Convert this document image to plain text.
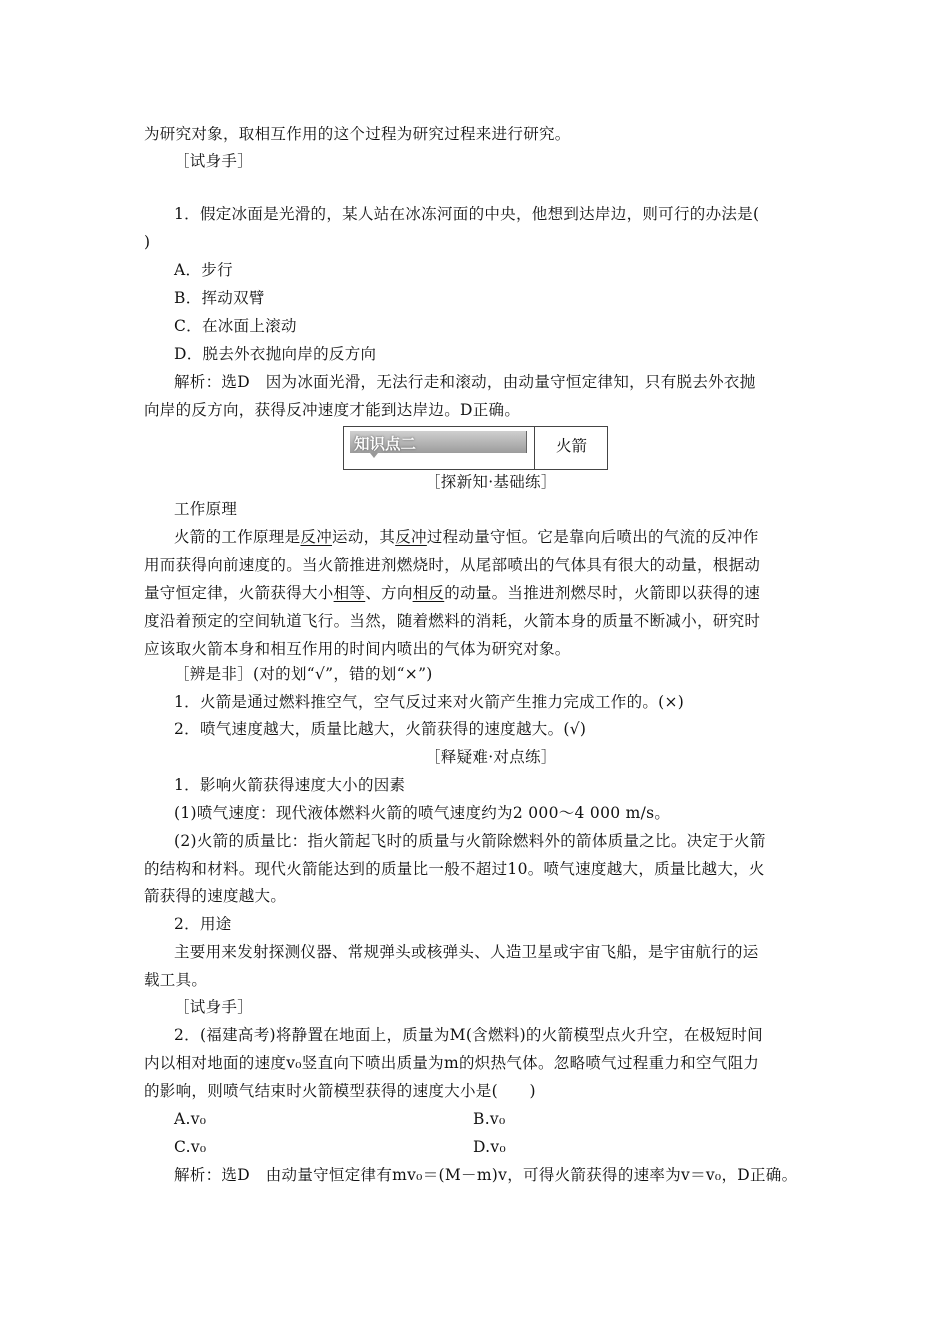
为研究对象，取相互作用的这个过程为研究过程来进行研究。
［试身手］
1．假定冰面是光滑的，某人站在冰冻河面的中央，他想到达岸边，则可行的办法是(
)
A．步行
B．挥动双臂
C．在冰面上滚动
D．脱去外衣抛向岸的反方向
解析：选D　因为冰面光滑，无法行走和滚动，由动量守恒定律知，只有脱去外衣抛
向岸的反方向，获得反冲速度才能到达岸边。D正确。
知识点二	火箭
［探新知·基础练］
工作原理
火箭的工作原理是反冲运动，其反冲过程动量守恒。它是靠向后喷出的气流的反冲作
用而获得向前速度的。当火箭推进剂燃烧时，从尾部喷出的气体具有很大的动量，根据动
量守恒定律，火箭获得大小相等、方向相反的动量。当推进剂燃尽时，火箭即以获得的速
度沿着预定的空间轨道飞行。当然，随着燃料的消耗，火箭本身的质量不断减小，研究时
应该取火箭本身和相互作用的时间内喷出的气体为研究对象。
［辨是非］(对的划“√”，错的划“×”)
1．火箭是通过燃料推空气，空气反过来对火箭产生推力完成工作的。(×)
2．喷气速度越大，质量比越大，火箭获得的速度越大。(√)
［释疑难·对点练］
1．影响火箭获得速度大小的因素
(1)喷气速度：现代液体燃料火箭的喷气速度约为2 000～4 000 m/s。
(2)火箭的质量比：指火箭起飞时的质量与火箭除燃料外的箭体质量之比。决定于火箭
的结构和材料。现代火箭能达到的质量比一般不超过10。喷气速度越大，质量比越大，火
箭获得的速度越大。
2．用途
主要用来发射探测仪器、常规弹头或核弹头、人造卫星或宇宙飞船，是宇宙航行的运
载工具。
［试身手］
2．(福建高考)将静置在地面上，质量为M(含燃料)的火箭模型点火升空，在极短时间
内以相对地面的速度v₀竖直向下喷出质量为m的炽热气体。忽略喷气过程重力和空气阻力
的影响，则喷气结束时火箭模型获得的速度大小是(　　)
A.v₀	B.v₀
C.v₀	D.v₀
解析：选D　由动量守恒定律有mv₀＝(M－m)v，可得火箭获得的速率为v＝v₀，D正确。
